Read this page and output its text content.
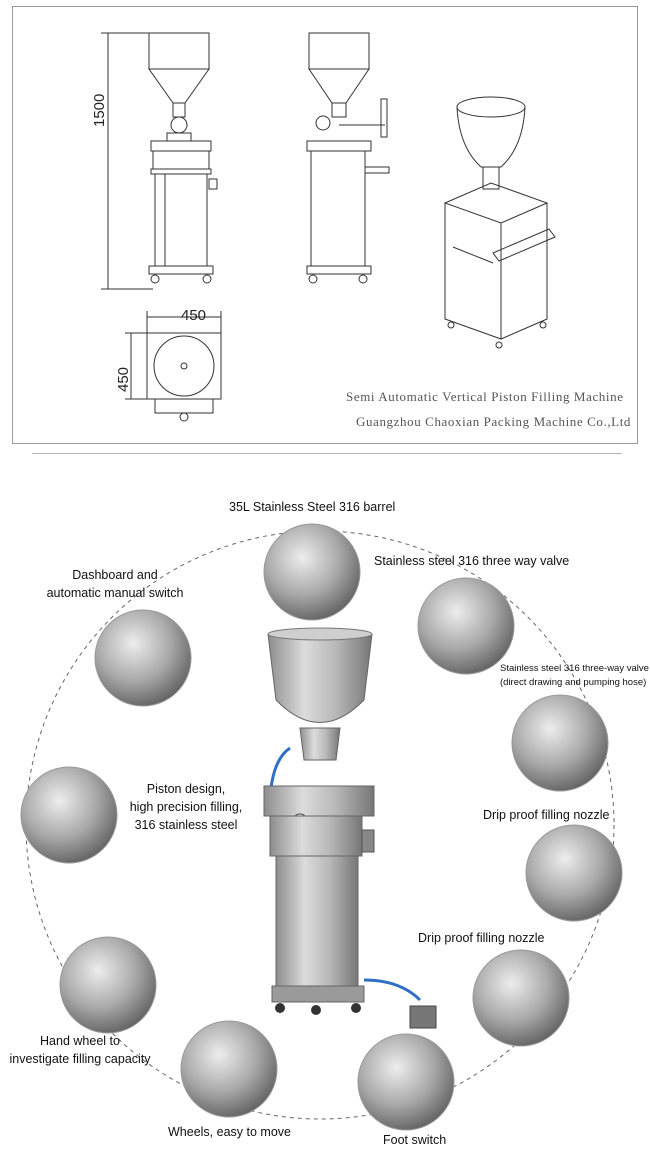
1500
450
450
Semi Automatic Vertical Piston Filling Machine
Guangzhou Chaoxian Packing Machine Co.,Ltd
35L Stainless Steel 316 barrel
Stainless steel 316 three way valve
Dashboard and
automatic manual switch
Stainless steel 316 three-way valve
(direct drawing and pumping hose)
Piston design,
high precision filling,
316 stainless steel
Drip proof filling nozzle
Drip proof filling nozzle
Hand wheel to
investigate filling capacity
Wheels, easy to move
Foot switch
